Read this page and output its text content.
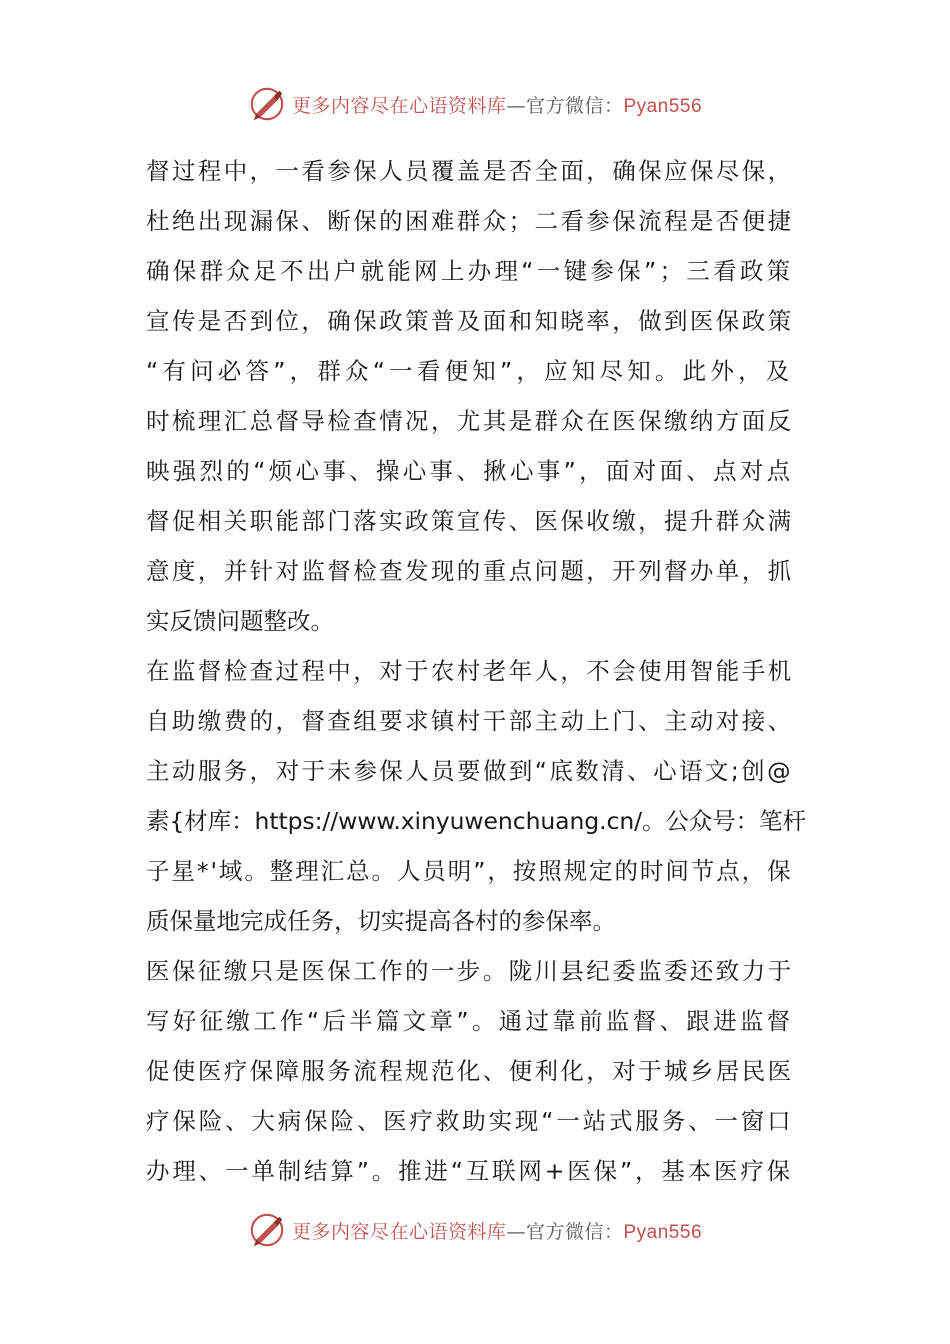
更多内容尽在心语资料库—官方微信：Pyan556
督过程中，一看参保人员覆盖是否全面，确保应保尽保，
杜绝出现漏保、断保的困难群众；二看参保流程是否便捷
确保群众足不出户就能网上办理“一键参保”；三看政策
宣传是否到位，确保政策普及面和知晓率，做到医保政策
“有问必答”，群众“一看便知”，应知尽知。此外，及
时梳理汇总督导检查情况，尤其是群众在医保缴纳方面反
映强烈的“烦心事、操心事、揪心事”，面对面、点对点
督促相关职能部门落实政策宣传、医保收缴，提升群众满
意度，并针对监督检查发现的重点问题，开列督办单，抓
实反馈问题整改。
在监督检查过程中，对于农村老年人，不会使用智能手机
自助缴费的，督查组要求镇村干部主动上门、主动对接、
主动服务，对于未参保人员要做到“底数清、心语文;创@
素{材库：https://www.xinyuwenchuang.cn/。公众号：笔杆
子星*'域。整理汇总。人员明”，按照规定的时间节点，保
质保量地完成任务，切实提高各村的参保率。
医保征缴只是医保工作的一步。陇川县纪委监委还致力于
写好征缴工作“后半篇文章”。通过靠前监督、跟进监督
促使医疗保障服务流程规范化、便利化，对于城乡居民医
疗保险、大病保险、医疗救助实现“一站式服务、一窗口
办理、一单制结算”。推进“互联网+医保”，基本医疗保
更多内容尽在心语资料库—官方微信：Pyan556
